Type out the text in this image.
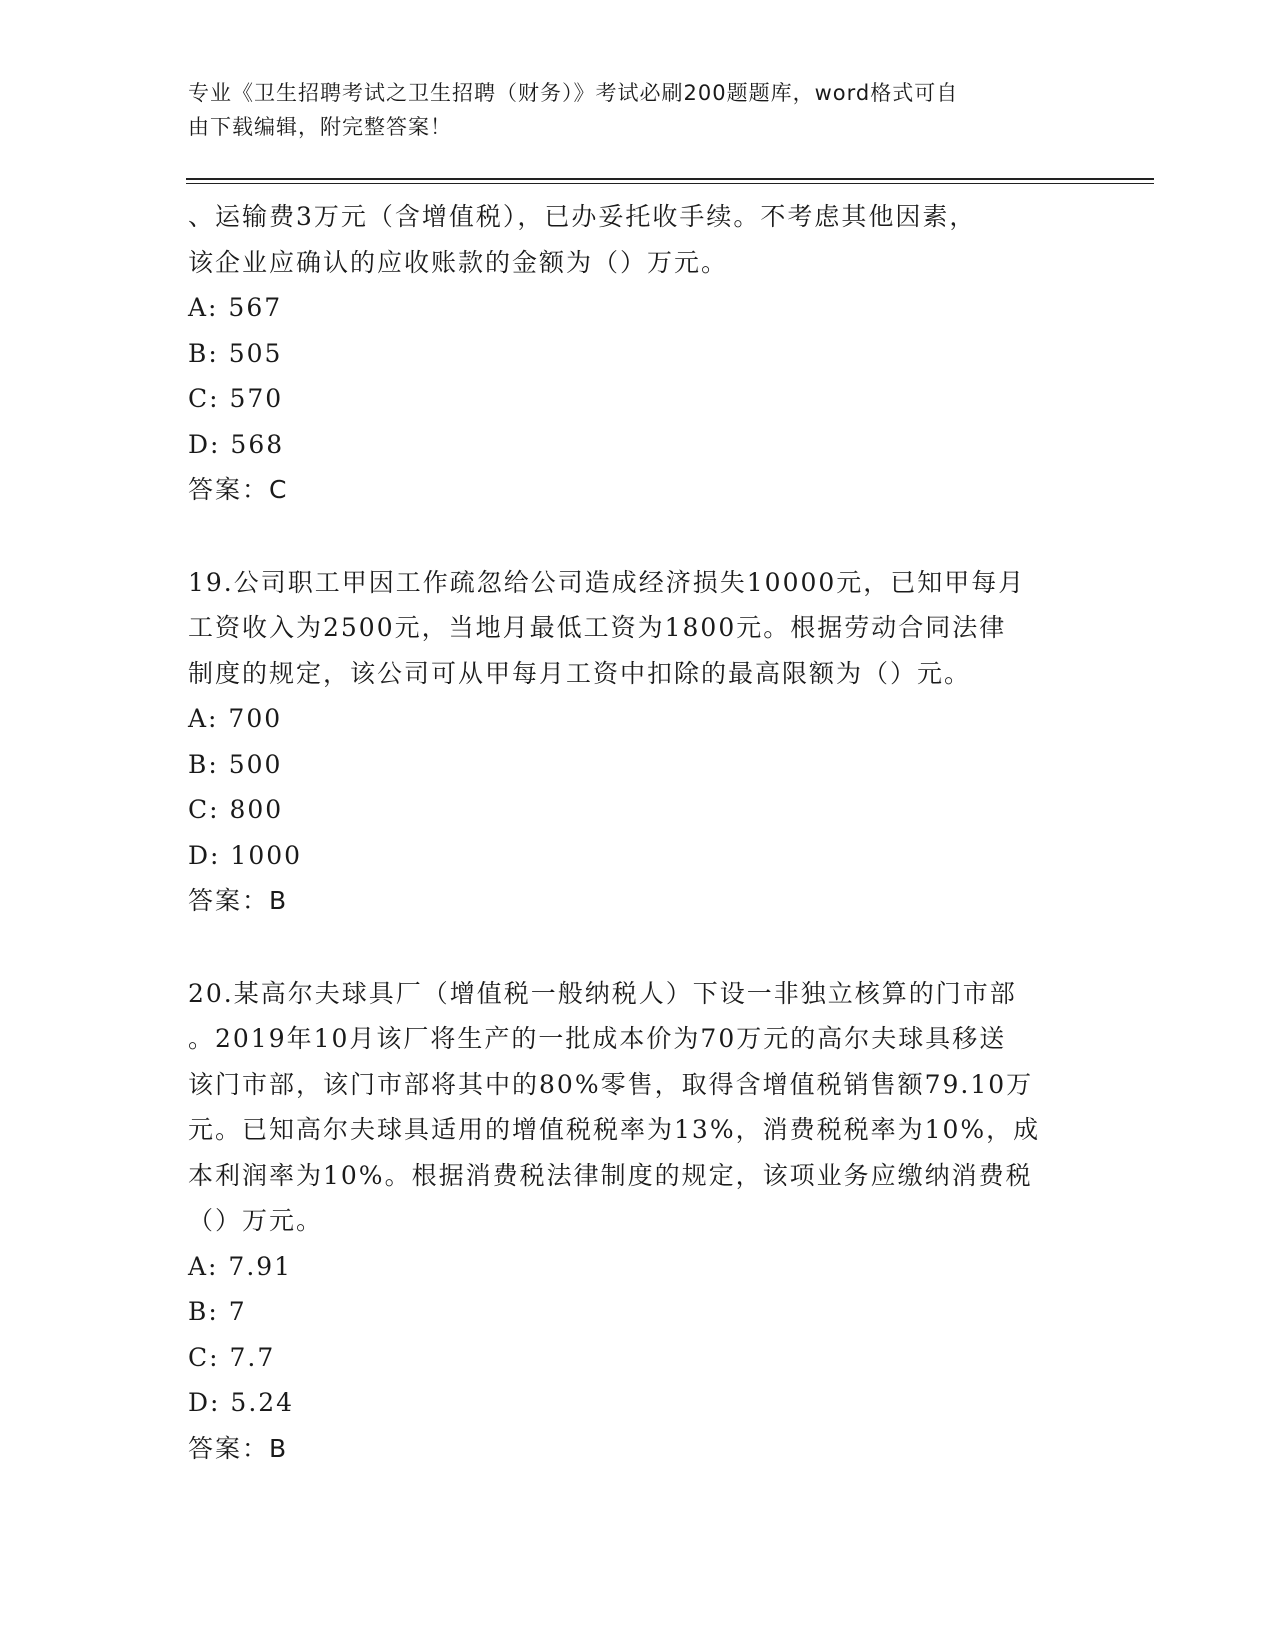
专业《卫生招聘考试之卫生招聘（财务）》考试必刷200题题库，word格式可自
由下载编辑，附完整答案！
、运输费3万元（含增值税），已办妥托收手续。不考虑其他因素，
该企业应确认的应收账款的金额为（）万元。
A: 567
B: 505
C: 570
D: 568
答案：C
19.公司职工甲因工作疏忽给公司造成经济损失10000元，已知甲每月
工资收入为2500元，当地月最低工资为1800元。根据劳动合同法律
制度的规定，该公司可从甲每月工资中扣除的最高限额为（）元。
A: 700
B: 500
C: 800
D: 1000
答案：B
20.某高尔夫球具厂（增值税一般纳税人）下设一非独立核算的门市部
。2019年10月该厂将生产的一批成本价为70万元的高尔夫球具移送
该门市部，该门市部将其中的80%零售，取得含增值税销售额79.10万
元。已知高尔夫球具适用的增值税税率为13%，消费税税率为10%，成
本利润率为10%。根据消费税法律制度的规定，该项业务应缴纳消费税
（）万元。
A: 7.91
B: 7
C: 7.7
D: 5.24
答案：B
